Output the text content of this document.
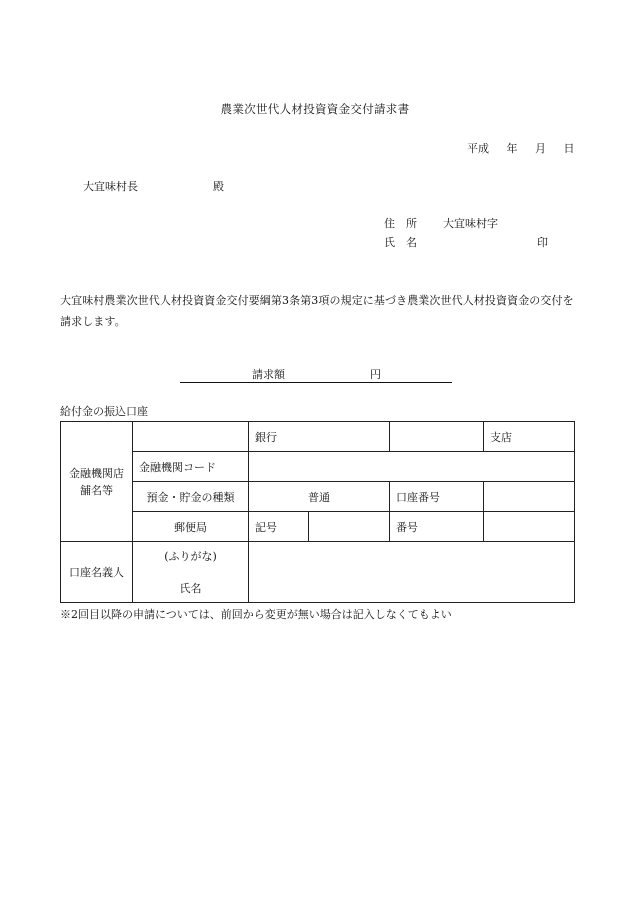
農業次世代人材投資資金交付請求書
平成 年 月 日
大宜味村長	殿
住　所 大宜味村字
氏　名	印
大宜味村農業次世代人材投資資金交付要綱第3条第3項の規定に基づき農業次世代人材投資資金の交付を請求します。
請求額	円
給付金の振込口座
金融機関店
舗名等		銀行			支店
	金融機関コード				
	預金・貯金の種類	普通		口座番号	
	郵便局	記号		番号	
口座名義人	(ふりがな)
氏名				

※2回目以降の申請については、前回から変更が無い場合は記入しなくてもよい
